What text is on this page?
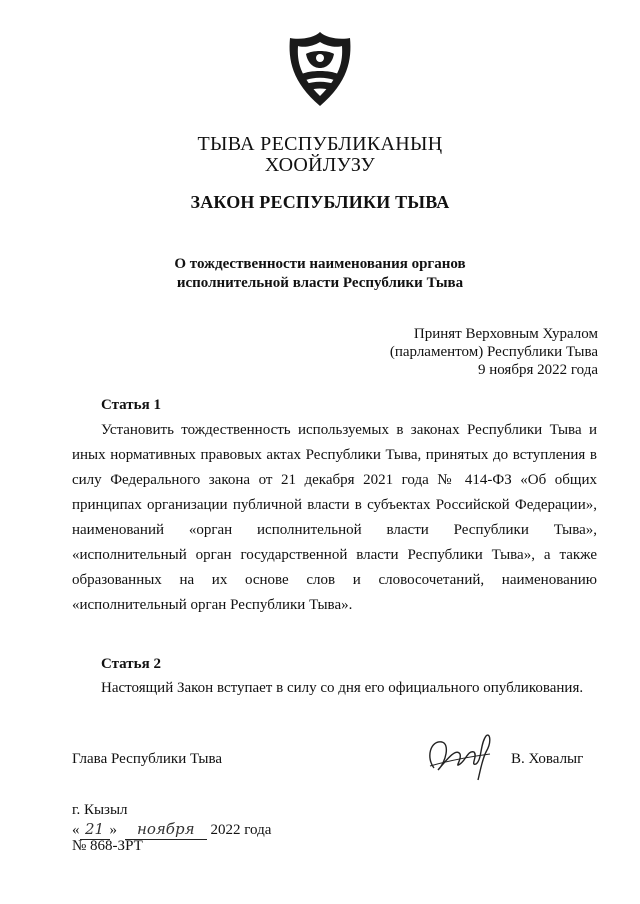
ТЫВА РЕСПУБЛИКАНЫҢ
ХООЙЛУЗУ
ЗАКОН РЕСПУБЛИКИ ТЫВА
О тождественности наименования органов
исполнительной власти Республики Тыва
Принят Верховным Хуралом
(парламентом) Республики Тыва
9 ноября 2022 года
Статья 1
Установить тождественность используемых в законах Республики Тыва и
иных нормативных правовых актах Республики Тыва, принятых до вступления в
силу Федерального закона от 21 декабря 2021 года № 414-ФЗ «Об общих
принципах организации публичной власти в субъектах Российской Федерации»,
наименований «орган исполнительной власти Республики Тыва»,
«исполнительный орган государственной власти Республики Тыва», а также
образованных на их основе слов и словосочетаний, наименованию
«исполнительный орган Республики Тыва».
Статья 2
Настоящий Закон вступает в силу со дня его официального опубликования.
Глава Республики Тыва	В. Ховалыг
г. Кызыл
« 21 » ноября 2022 года
№ 868-ЗРТ
